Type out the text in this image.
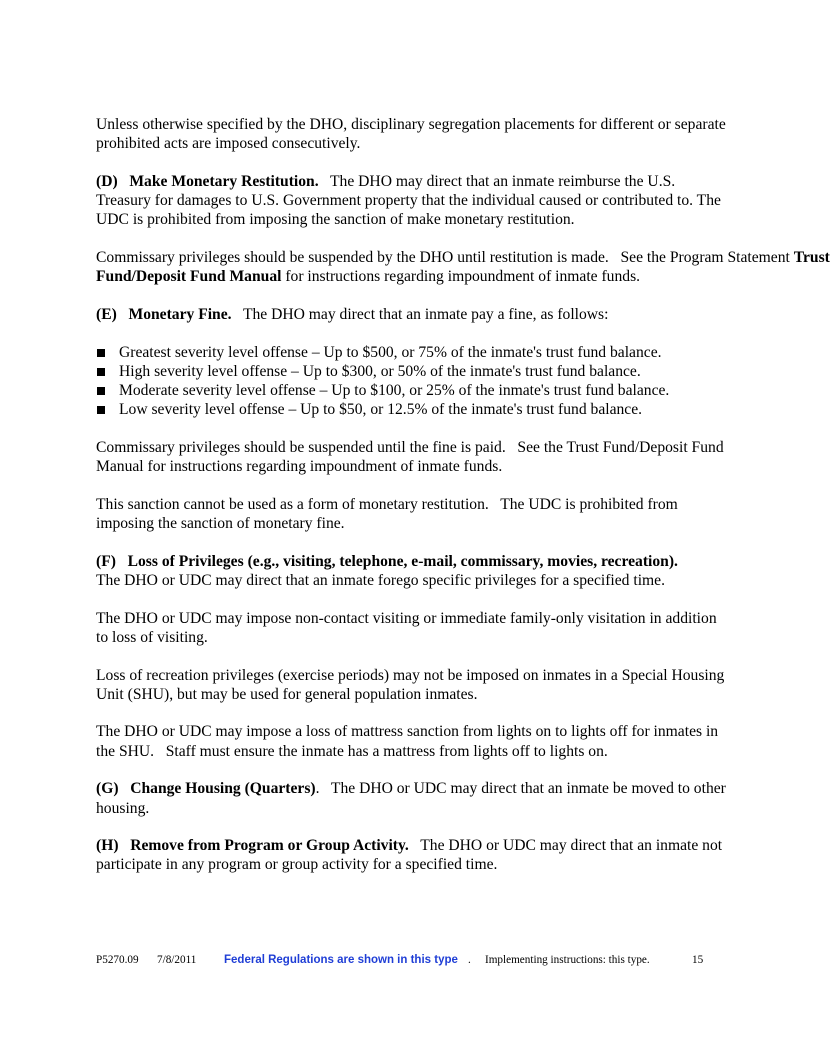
Unless otherwise specified by the DHO, disciplinary segregation placements for different or separate prohibited acts are imposed consecutively.

(D)   Make Monetary Restitution. The DHO may direct that an inmate reimburse the U.S. Treasury for damages to U.S. Government property that the individual caused or contributed to. The UDC is prohibited from imposing the sanction of make monetary restitution.

Commissary privileges should be suspended by the DHO until restitution is made.   See the Program Statement Trust Fund/Deposit Fund Manual for instructions regarding impoundment of inmate funds.

(E)   Monetary Fine. The DHO may direct that an inmate pay a fine, as follows:

Greatest severity level offense – Up to $500, or 75% of the inmate's trust fund balance.
High severity level offense – Up to $300, or 50% of the inmate's trust fund balance.
Moderate severity level offense – Up to $100, or 25% of the inmate's trust fund balance.
Low severity level offense – Up to $50, or 12.5% of the inmate's trust fund balance.

Commissary privileges should be suspended until the fine is paid.   See the Trust Fund/Deposit Fund Manual for instructions regarding impoundment of inmate funds.

This sanction cannot be used as a form of monetary restitution.   The UDC is prohibited from imposing the sanction of monetary fine.

(F)   Loss of Privileges (e.g., visiting, telephone, e-mail, commissary, movies, recreation).
The DHO or UDC may direct that an inmate forego specific privileges for a specified time.

The DHO or UDC may impose non-contact visiting or immediate family-only visitation in addition to loss of visiting.

Loss of recreation privileges (exercise periods) may not be imposed on inmates in a Special Housing Unit (SHU), but may be used for general population inmates.

The DHO or UDC may impose a loss of mattress sanction from lights on to lights off for inmates in the SHU.   Staff must ensure the inmate has a mattress from lights off to lights on.

(G)   Change Housing (Quarters).   The DHO or UDC may direct that an inmate be moved to other housing.

(H)   Remove from Program or Group Activity. The DHO or UDC may direct that an inmate not participate in any program or group activity for a specified time.

P5270.09 7/8/2011 Federal Regulations are shown in this type . Implementing instructions: this type.	15
